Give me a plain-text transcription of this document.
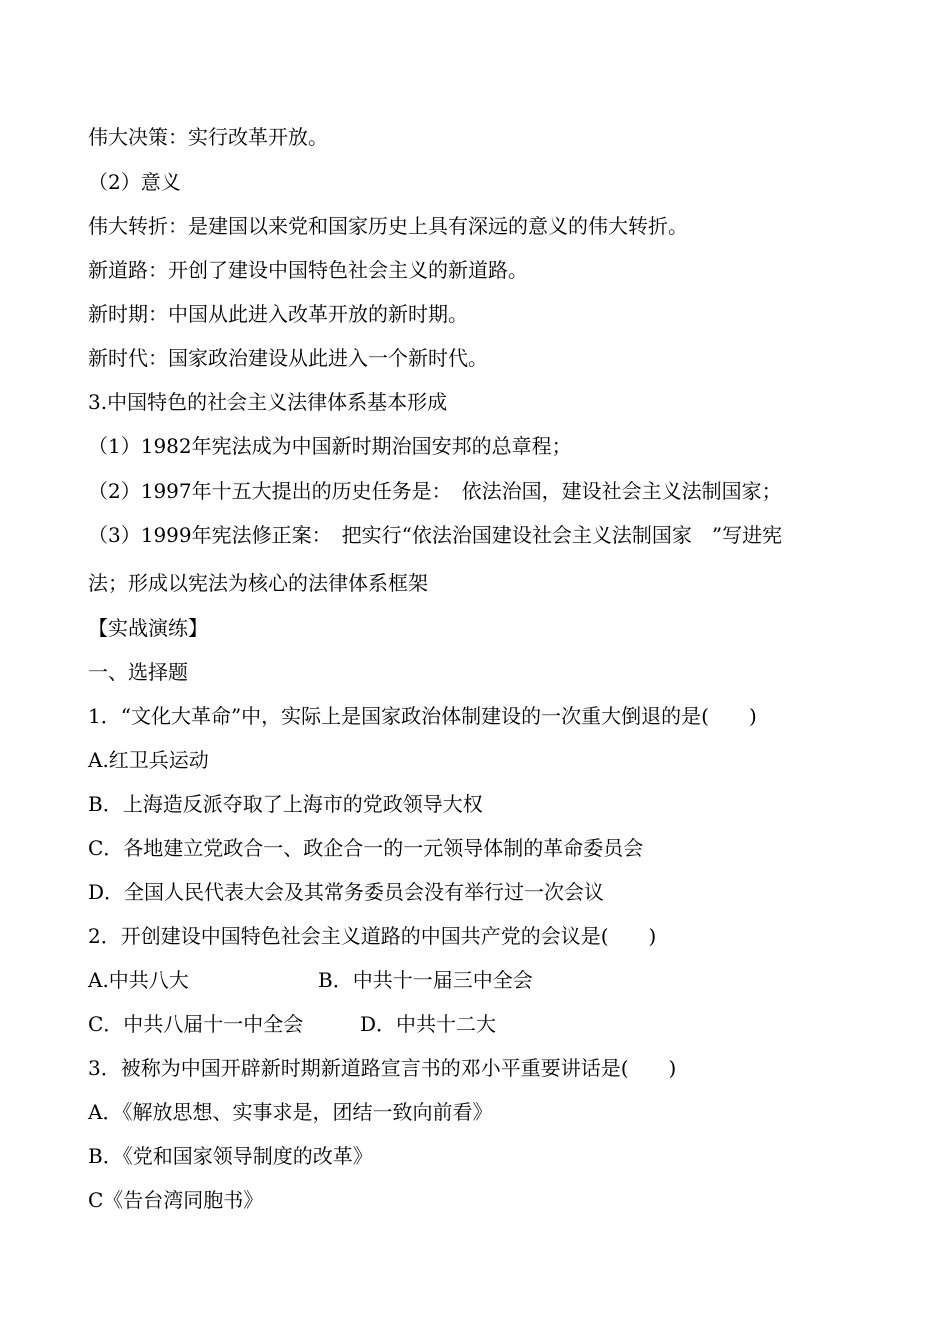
伟大决策：实行改革开放。
（2）意义
伟大转折：是建国以来党和国家历史上具有深远的意义的伟大转折。
新道路：开创了建设中国特色社会主义的新道路。
新时期：中国从此进入改革开放的新时期。
新时代：国家政治建设从此进入一个新时代。
3.中国特色的社会主义法律体系基本形成
（1）1982年宪法成为中国新时期治国安邦的总章程；
（2）1997年十五大提出的历史任务是：　依法治国，建设社会主义法制国家；
（3）1999年宪法修正案：　把实行“依法治国建设社会主义法制国家　”写进宪
法；形成以宪法为核心的法律体系框架
【实战演练】
一、选择题
1．“文化大革命”中，实际上是国家政治体制建设的一次重大倒退的是(　　)
A.红卫兵运动
B．上海造反派夺取了上海市的党政领导大权
C．各地建立党政合一、政企合一的一元领导体制的革命委员会
D．全国人民代表大会及其常务委员会没有举行过一次会议
2．开创建设中国特色社会主义道路的中国共产党的会议是(　　)
A.中共八大	B．中共十一届三中全会
C．中共八届十一中全会	D．中共十二大
3．被称为中国开辟新时期新道路宣言书的邓小平重要讲话是(　　)
A．《解放思想、实事求是，团结一致向前看》
B．《党和国家领导制度的改革》
C《告台湾同胞书》
